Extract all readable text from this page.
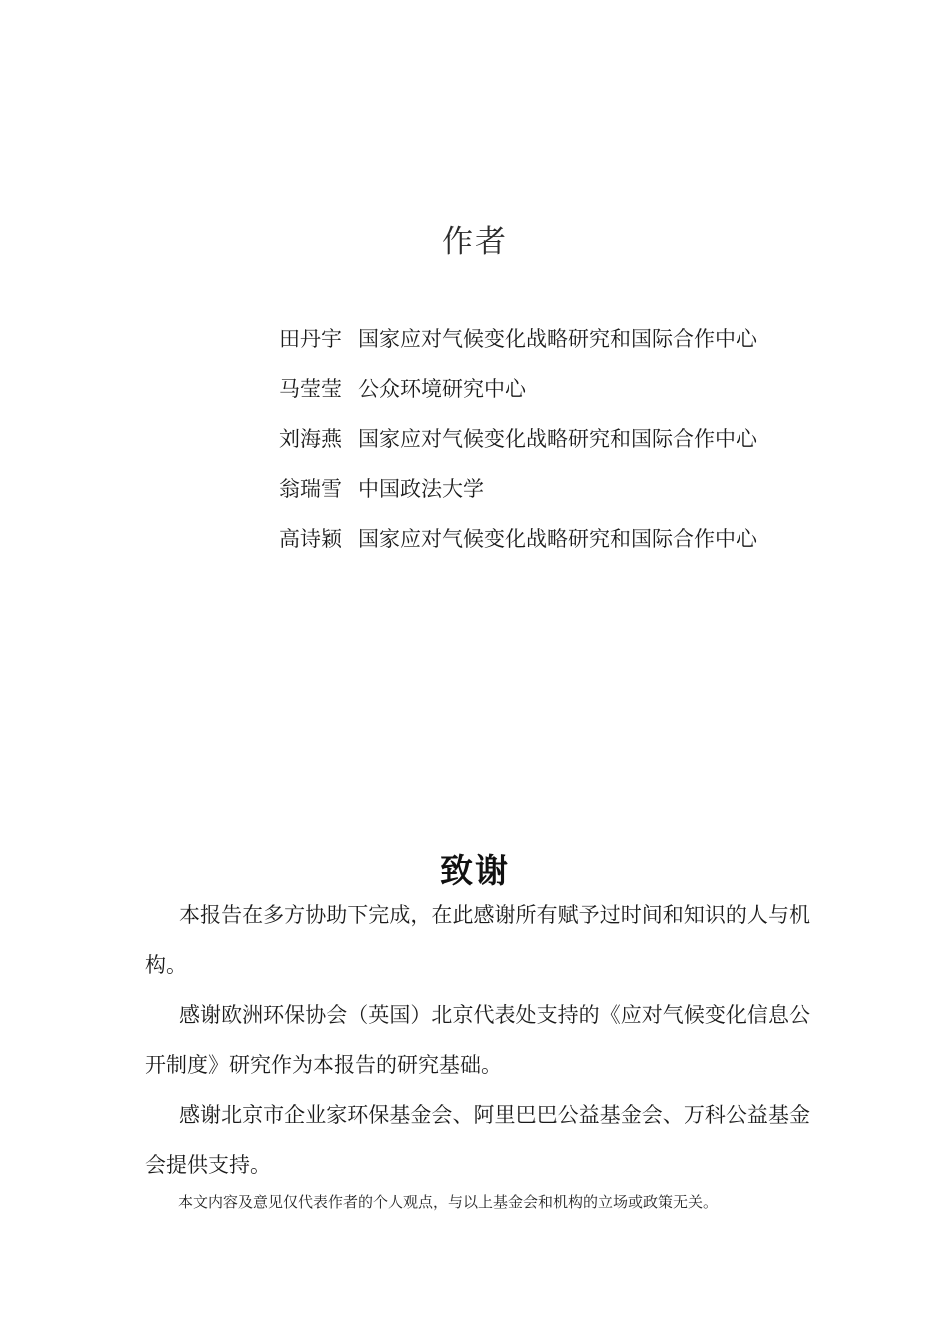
作者
田丹宇 国家应对气候变化战略研究和国际合作中心
马莹莹 公众环境研究中心
刘海燕 国家应对气候变化战略研究和国际合作中心
翁瑞雪 中国政法大学
高诗颖 国家应对气候变化战略研究和国际合作中心
致谢

本报告在多方协助下完成，在此感谢所有赋予过时间和知识的人与机构。

感谢欧洲环保协会（英国）北京代表处支持的《应对气候变化信息公开制度》研究作为本报告的研究基础。

感谢北京市企业家环保基金会、阿里巴巴公益基金会、万科公益基金会提供支持。

本文内容及意见仅代表作者的个人观点，与以上基金会和机构的立场或政策无关。
